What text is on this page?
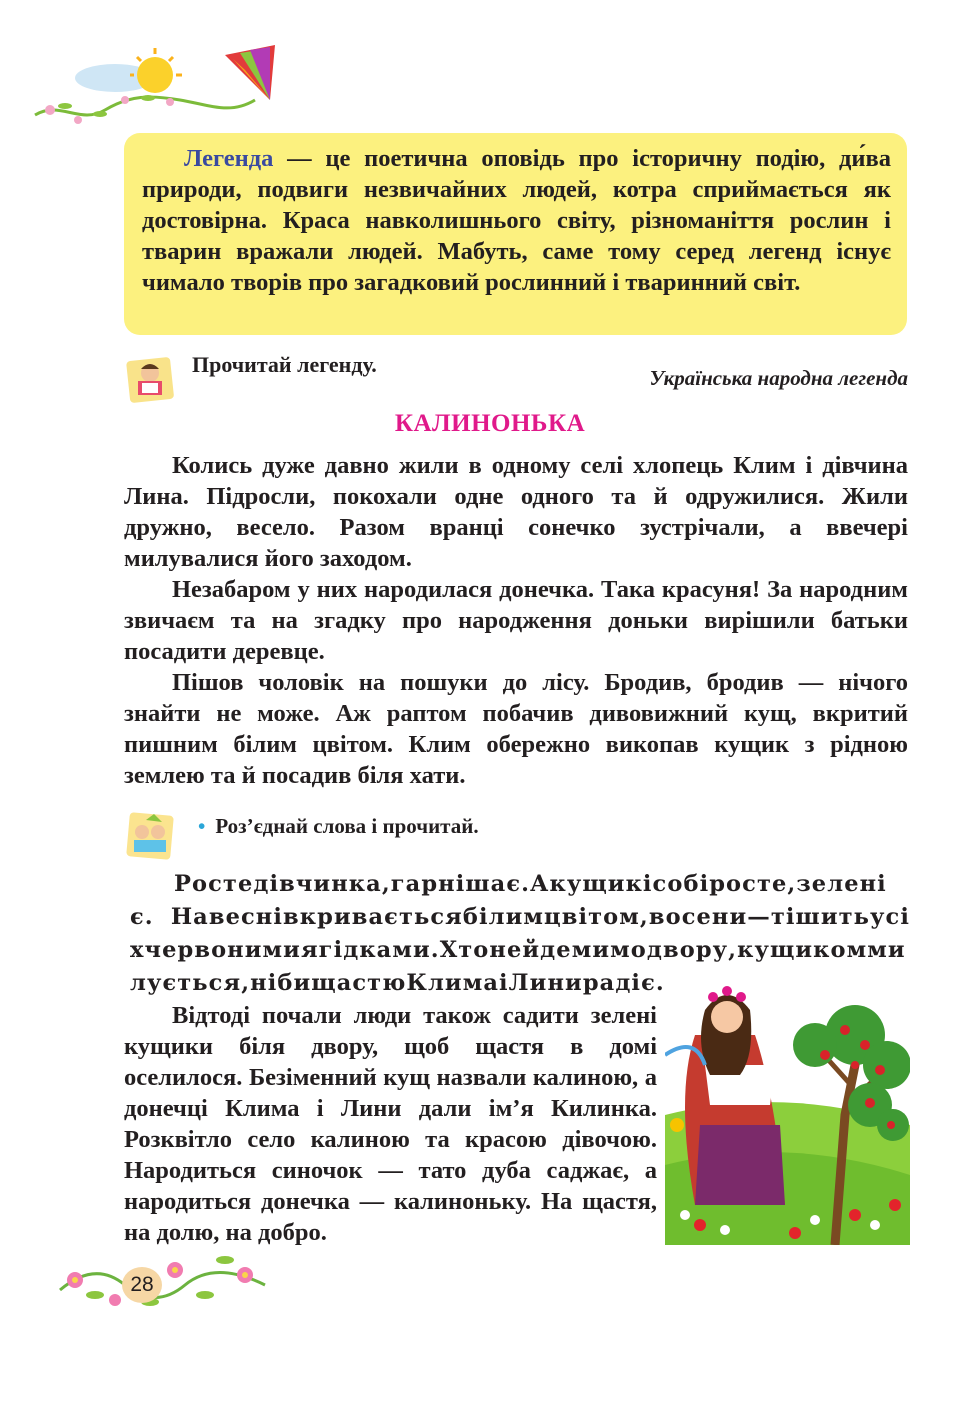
Легенда — це поетична оповідь про історичну подію, ди́ва природи, подвиги незвичайних людей, котра сприймається як достовірна. Краса навколишнього світу, різноманіття рослин і тварин вражали людей. Мабуть, саме тому серед легенд існує чимало творів про загадковий рослинний і тваринний світ.

Прочитай легенду.
Українська народна легенда
КАЛИНОНЬКА

Колись дуже давно жили в одному селі хлопець Клим і дівчина Лина. Підросли, покохали одне одного та й одружилися. Жили дружно, весело. Разом вранці сонечко зустрічали, а ввечері милувалися його заходом.

Незабаром у них народилася донечка. Така красуня! За народним звичаєм та на згадку про народження доньки вирішили батьки посадити деревце.

Пішов чоловік на пошуки до лісу. Бродив, бродив — нічого знайти не може. Аж раптом побачив дивовижний кущ, вкритий пишним білим цвітом. Клим обережно викопав кущик з рідною землею та й посадив біля хати.

• Роз’єднай слова і прочитай.

Ростедівчинка,гарнішає.Акущикісобіросте,зеленіє. Навеснівкриваєтьсябілимцвітом,восени—тішитьусіхчервонимиягідками.Хтонейдемимодвору,кущикоммилується,нібищастюКлимаіЛинирадіє.

Відтоді почали люди також садити зелені кущики біля двору, щоб щастя в домі оселилося. Безіменний кущ назвали калиною, а донечці Клима і Лини дали ім’я Килинка. Розквітло село калиною та красою дівочою. Народиться синочок — тато дуба саджає, а народиться донечка — калиноньку. На щастя, на долю, на добро.

28
